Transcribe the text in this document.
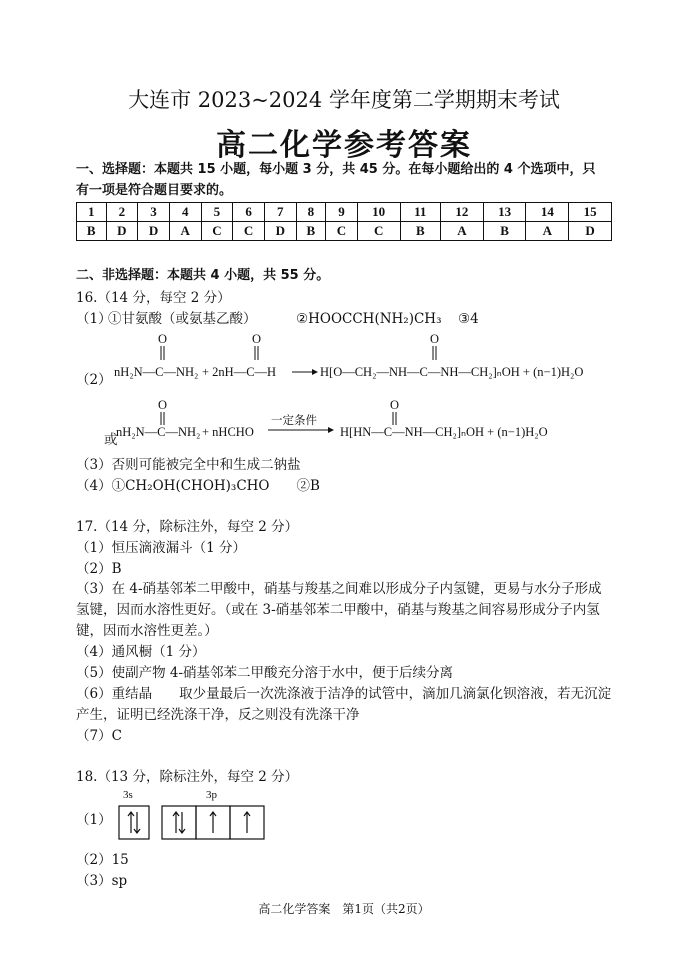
大连市 2023~2024 学年度第二学期期末考试
高二化学参考答案
一、选择题：本题共 15 小题，每小题 3 分，共 45 分。在每小题给出的 4 个选项中，只
有一项是符合题目要求的。
1	2	3	4	5	6	7	8	9	10	11	12	13	14	15
B	D	D	A	C	C	D	B	C	C	B	A	B	A	D
二、非选择题：本题共 4 小题，共 55 分。
16.（14 分，每空 2 分）
（1）
①甘氨酸（或氨基乙酸）	②HOOCCH(NH₂)CH₃ ③4
（2）
O
nH₂N—C—NH₂ + 2nH—C—H
O
H[O—CH₂—NH—C—NH—CH₂]ₙOH + (n−1)H₂O
O
或
O
nH₂N—C—NH₂ + nHCHO
一定条件
H[HN—C—NH—CH₂]ₙOH + (n−1)H₂O
O
（3）否则可能被完全中和生成二钠盐
（4）①CH₂OH(CHOH)₃CHO　　②B
17.（14 分，除标注外，每空 2 分）
（1）恒压滴液漏斗（1 分）
（2）B
（3）在 4-硝基邻苯二甲酸中，硝基与羧基之间难以形成分子内氢键，更易与水分子形成氢键，因而水溶性更好。（或在 3-硝基邻苯二甲酸中，硝基与羧基之间容易形成分子内氢键，因而水溶性更差。）
（4）通风橱（1 分）
（5）使副产物 4-硝基邻苯二甲酸充分溶于水中，便于后续分离
（6）重结晶　　取少量最后一次洗涤液于洁净的试管中，滴加几滴氯化钡溶液，若无沉淀产生，证明已经洗涤干净，反之则没有洗涤干净
（7）C
18.（13 分，除标注外，每空 2 分）
（1）
3s	3p
（2）15
（3）sp
高二化学答案　第1页（共2页）
